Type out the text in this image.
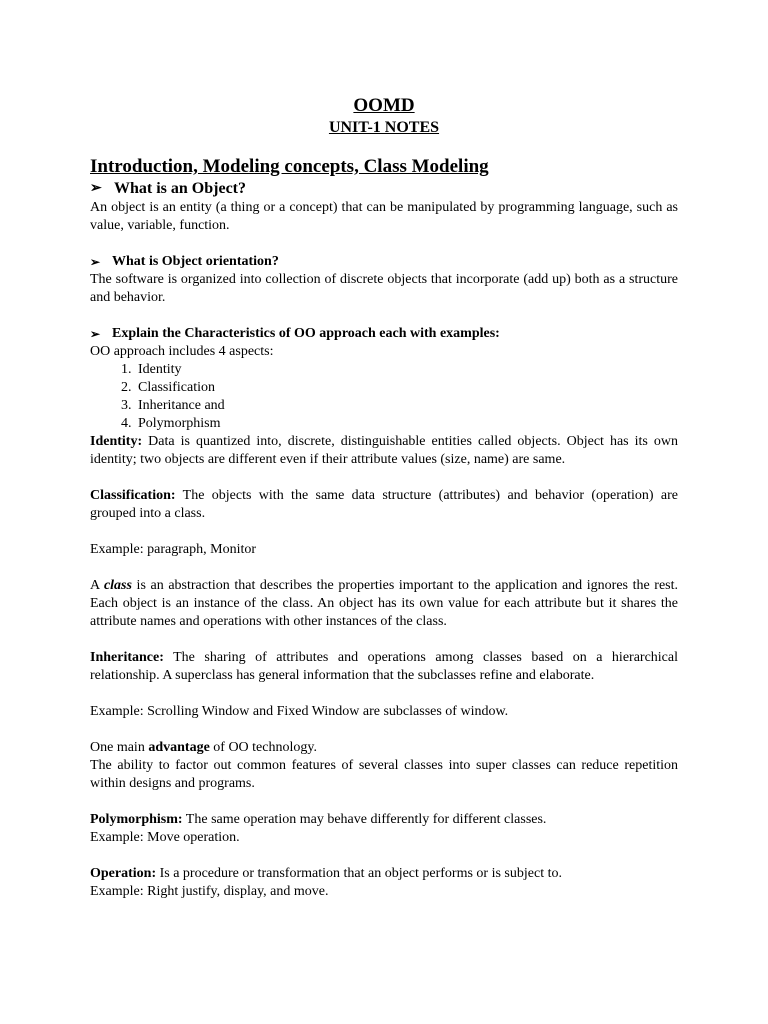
OOMD
UNIT-1 NOTES
Introduction, Modeling concepts, Class Modeling
➢ What is an Object?

An object is an entity (a thing or a concept) that can be manipulated by programming language, such as value, variable, function.

➢ What is Object orientation?

The software is organized into collection of discrete objects that incorporate (add up) both as a structure and behavior.

➢ Explain the Characteristics of OO approach each with examples:

OO approach includes 4 aspects:

1. Identity
2. Classification
3. Inheritance and
4. Polymorphism

Identity: Data is quantized into, discrete, distinguishable entities called objects. Object has its own identity; two objects are different even if their attribute values (size, name) are same.

Classification: The objects with the same data structure (attributes) and behavior (operation) are grouped into a class.

Example: paragraph, Monitor

A class is an abstraction that describes the properties important to the application and ignores the rest. Each object is an instance of the class. An object has its own value for each attribute but it shares the attribute names and operations with other instances of the class.

Inheritance: The sharing of attributes and operations among classes based on a hierarchical relationship. A superclass has general information that the subclasses refine and elaborate.

Example: Scrolling Window and Fixed Window are subclasses of window.

One main advantage of OO technology.

The ability to factor out common features of several classes into super classes can reduce repetition within designs and programs.

Polymorphism: The same operation may behave differently for different classes.

Example: Move operation.

Operation: Is a procedure or transformation that an object performs or is subject to.

Example: Right justify, display, and move.
